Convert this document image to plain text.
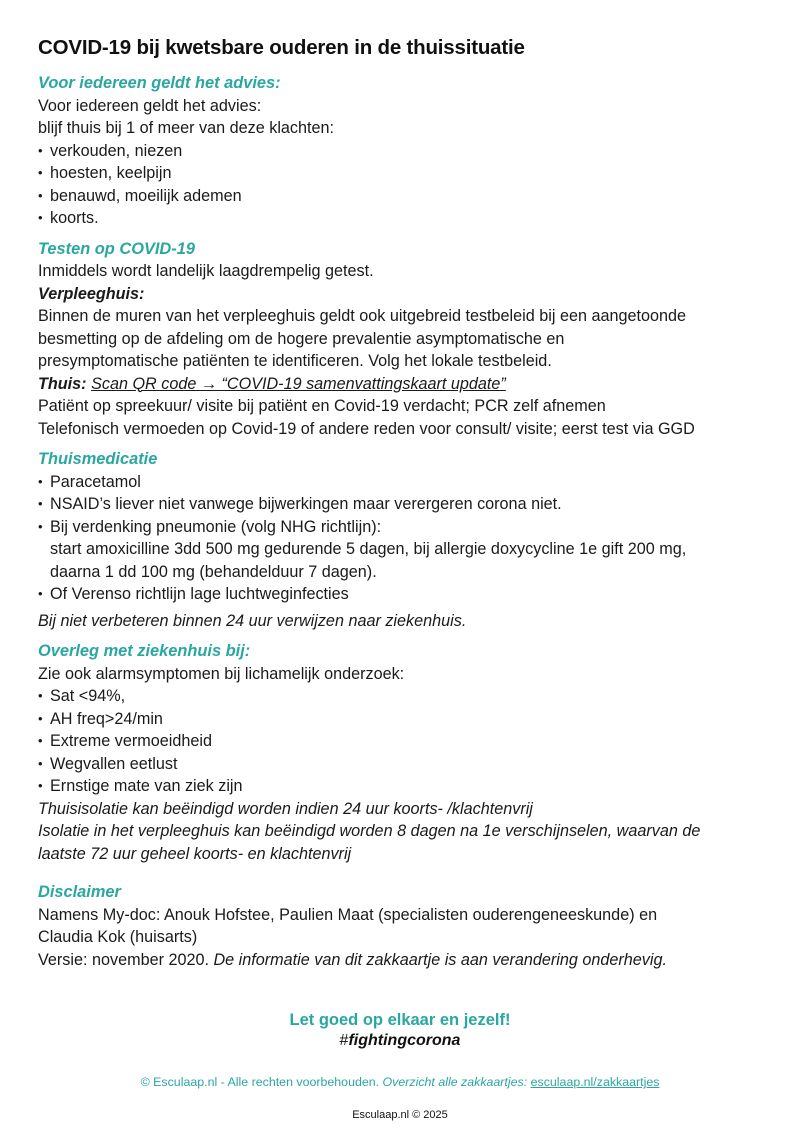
COVID-19 bij kwetsbare ouderen in de thuissituatie
Voor iedereen geldt het advies:
Voor iedereen geldt het advies:
blijf thuis bij 1 of meer van deze klachten:
• verkouden, niezen
• hoesten, keelpijn
• benauwd, moeilijk ademen
• koorts.
Testen op COVID-19
Inmiddels wordt landelijk laagdrempelig getest.
Verpleeghuis:
Binnen de muren van het verpleeghuis geldt ook uitgebreid testbeleid bij een aangetoonde
besmetting op de afdeling om de hogere prevalentie asymptomatische en
presymptomatische patiënten te identificeren. Volg het lokale testbeleid.
Thuis: Scan QR code → “COVID-19 samenvattingskaart update”
Patiënt op spreekuur/ visite bij patiënt en Covid-19 verdacht; PCR zelf afnemen
Telefonisch vermoeden op Covid-19 of andere reden voor consult/ visite; eerst test via GGD
Thuismedicatie
• Paracetamol
• NSAID’s liever niet vanwege bijwerkingen maar verergeren corona niet.
• Bij verdenking pneumonie (volg NHG richtlijn):
start amoxicilline 3dd 500 mg gedurende 5 dagen, bij allergie doxycycline 1e gift 200 mg,
daarna 1 dd 100 mg (behandelduur 7 dagen).
• Of Verenso richtlijn lage luchtweginfecties
Bij niet verbeteren binnen 24 uur verwijzen naar ziekenhuis.
Overleg met ziekenhuis bij:
Zie ook alarmsymptomen bij lichamelijk onderzoek:
• Sat <94%,
• AH freq>24/min
• Extreme vermoeidheid
• Wegvallen eetlust
• Ernstige mate van ziek zijn
Thuisisolatie kan beëindigd worden indien 24 uur koorts- /klachtenvrij
Isolatie in het verpleeghuis kan beëindigd worden 8 dagen na 1e verschijnselen, waarvan de
laatste 72 uur geheel koorts- en klachtenvrij
Disclaimer
Namens My-doc: Anouk Hofstee, Paulien Maat (specialisten ouderengeneeskunde) en
Claudia Kok (huisarts)
Versie: november 2020. De informatie van dit zakkaartje is aan verandering onderhevig.
Let goed op elkaar en jezelf!
#fightingcorona
© Esculaap.nl - Alle rechten voorbehouden. Overzicht alle zakkaartjes: esculaap.nl/zakkaartjes
Esculaap.nl © 2025
